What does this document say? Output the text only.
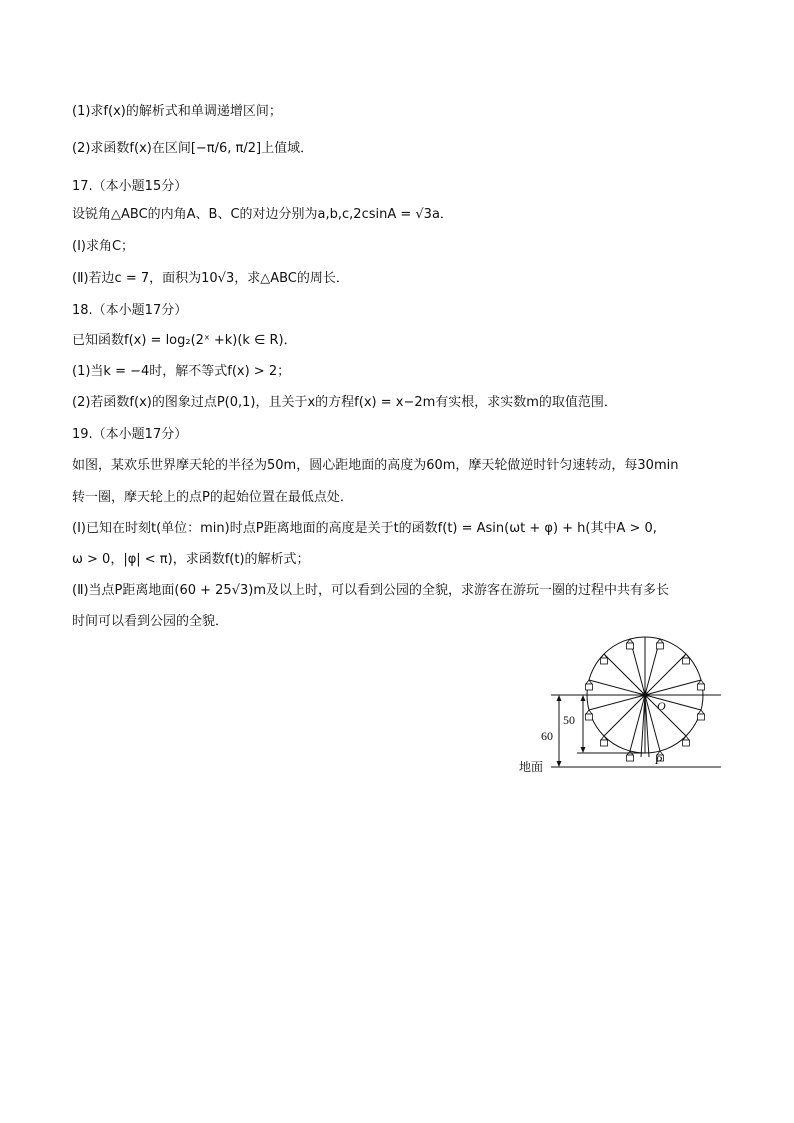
(1)求f(x)的解析式和单调递增区间；
(2)求函数f(x)在区间[−π/6, π/2]上值域．
17.（本小题15分）
设锐角△ABC的内角A、B、C的对边分别为a,b,c,2csinA = √3a．
(Ⅰ)求角C；
(Ⅱ)若边c = 7，面积为10√3，求△ABC的周长．
18.（本小题17分）
已知函数f(x) = log₂(2ˣ +k)(k ∈ R)．
(1)当k = −4时，解不等式f(x) > 2；
(2)若函数f(x)的图象过点P(0,1)，且关于x的方程f(x) = x−2m有实根，求实数m的取值范围．
19.（本小题17分）
如图，某欢乐世界摩天轮的半径为50m，圆心距地面的高度为60m，摩天轮做逆时针匀速转动，每30min
转一圈，摩天轮上的点P的起始位置在最低点处．
(Ⅰ)已知在时刻t(单位：min)时点P距离地面的高度是关于t的函数f(t) = Asin(ωt + φ) + h(其中A > 0,
ω > 0，|φ| < π)，求函数f(t)的解析式；
(Ⅱ)当点P距离地面(60 + 25√3)m及以上时，可以看到公园的全貌，求游客在游玩一圈的过程中共有多长
时间可以看到公园的全貌．
50
60
O
P
地面
